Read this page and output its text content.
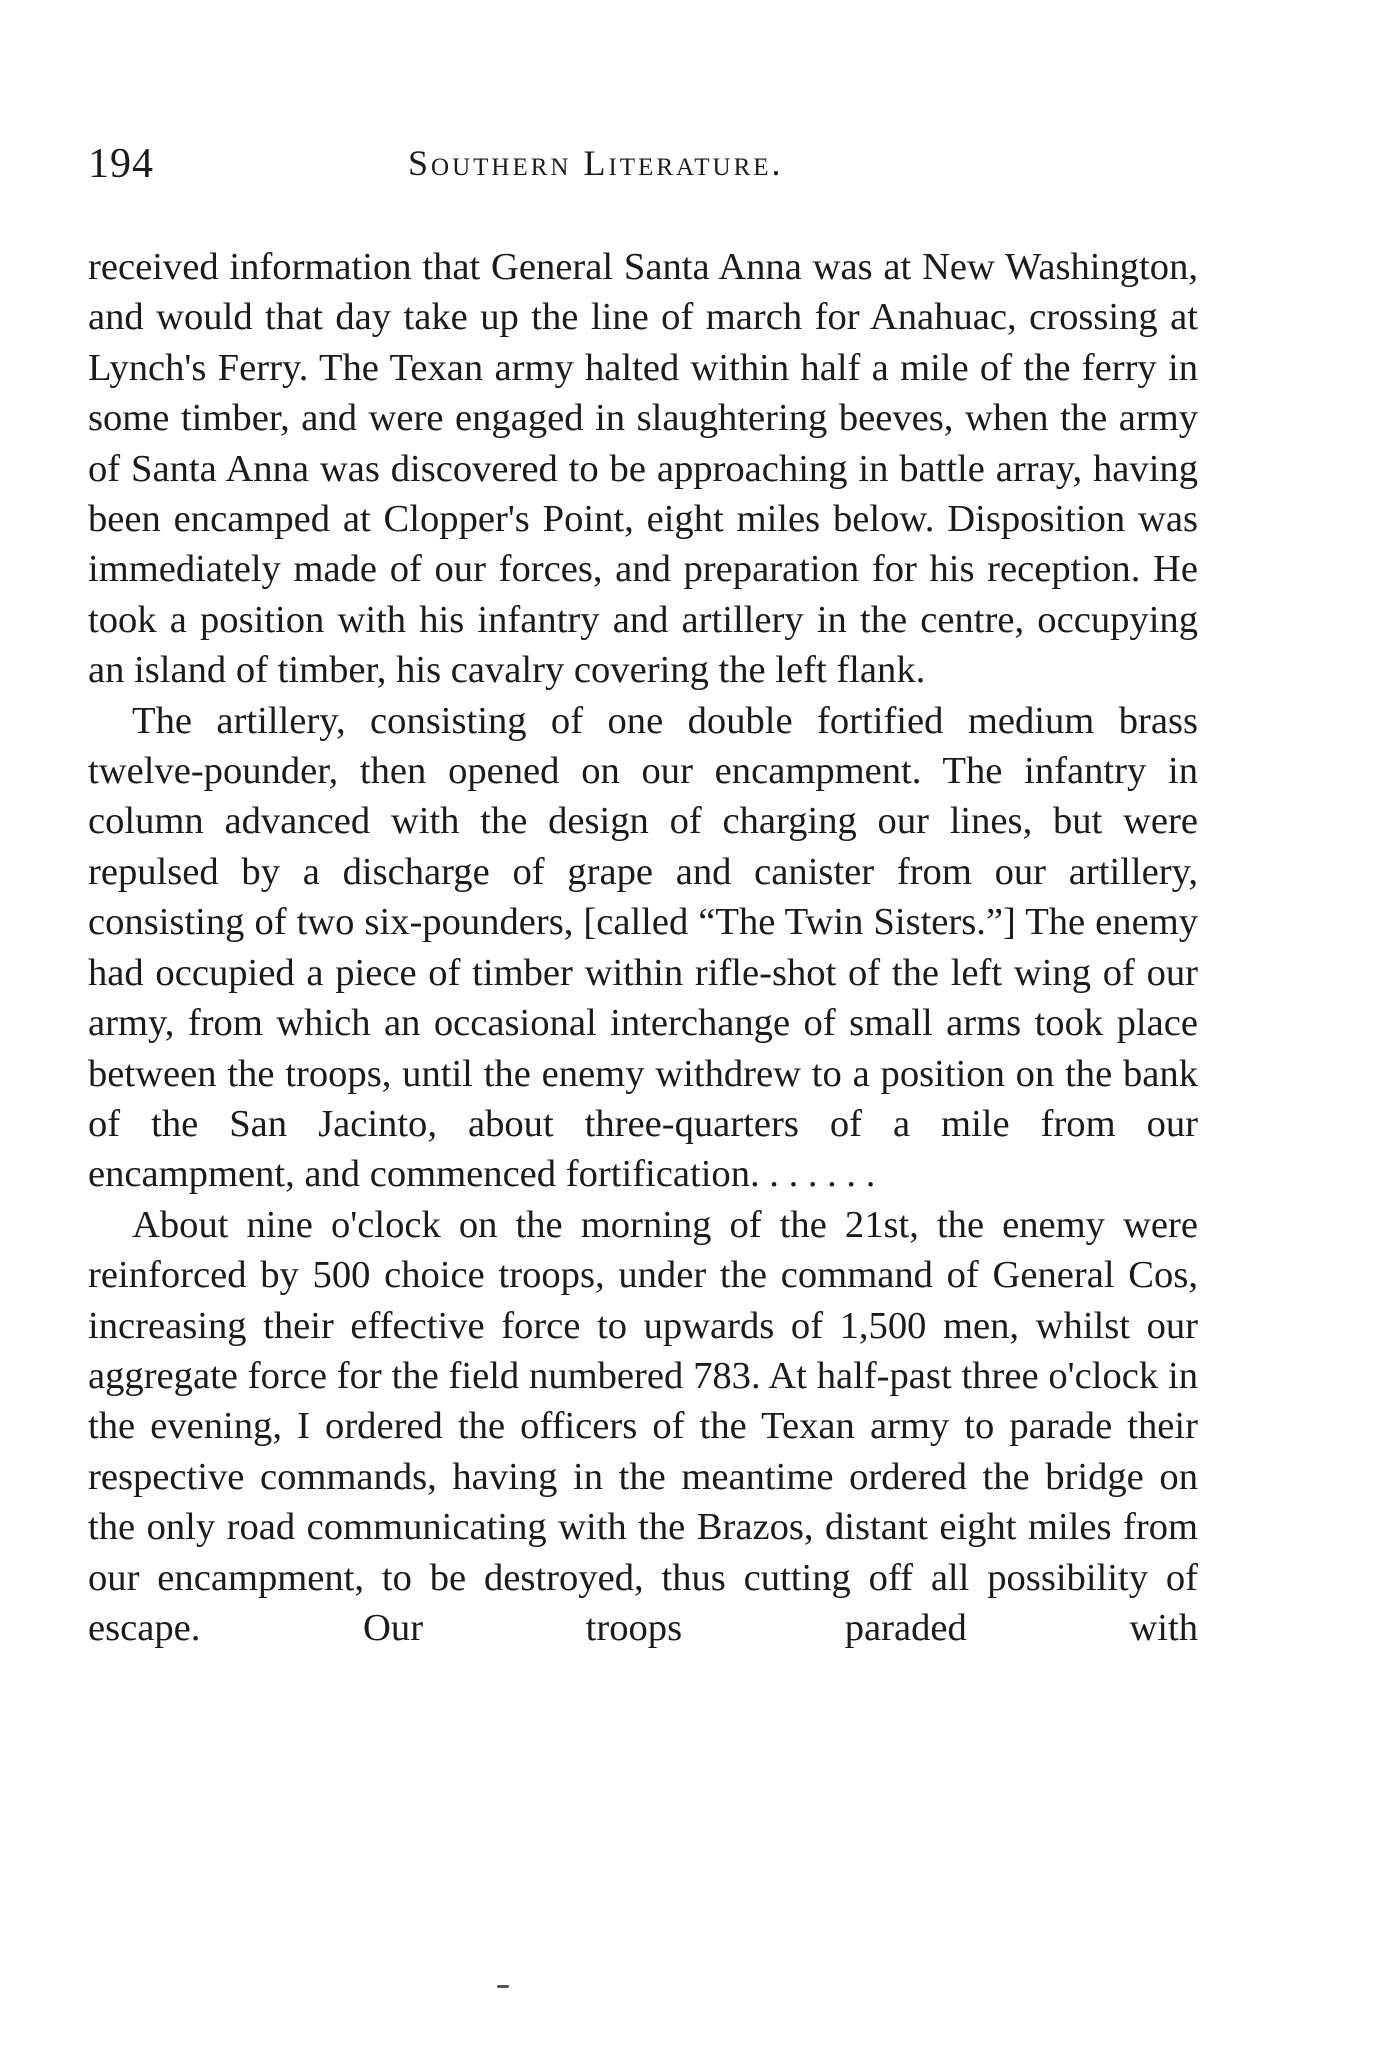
194	Southern Literature.

received information that General Santa Anna was at New Washington, and would that day take up the line of march for Anahuac, crossing at Lynch's Ferry. The Texan army halted within half a mile of the ferry in some timber, and were engaged in slaughtering beeves, when the army of Santa Anna was discovered to be approaching in battle array, having been encamped at Clopper's Point, eight miles below. Disposition was immediately made of our forces, and preparation for his reception. He took a position with his infantry and artillery in the centre, occupying an island of timber, his cavalry covering the left flank.

The artillery, consisting of one double fortified medium brass twelve-pounder, then opened on our encampment. The infantry in column advanced with the design of charging our lines, but were repulsed by a discharge of grape and canister from our artillery, consisting of two six-pounders, [called “The Twin Sisters.”] The enemy had occupied a piece of timber within rifle-shot of the left wing of our army, from which an occasional interchange of small arms took place between the troops, until the enemy withdrew to a position on the bank of the San Jacinto, about three-quarters of a mile from our encampment, and commenced fortification. . . . . . .

About nine o'clock on the morning of the 21st, the enemy were reinforced by 500 choice troops, under the command of General Cos, increasing their effective force to upwards of 1,500 men, whilst our aggregate force for the field numbered 783. At half-past three o'clock in the evening, I ordered the officers of the Texan army to parade their respective commands, having in the meantime ordered the bridge on the only road communicating with the Brazos, distant eight miles from our encampment, to be destroyed, thus cutting off all possibility of escape. Our troops paraded with
